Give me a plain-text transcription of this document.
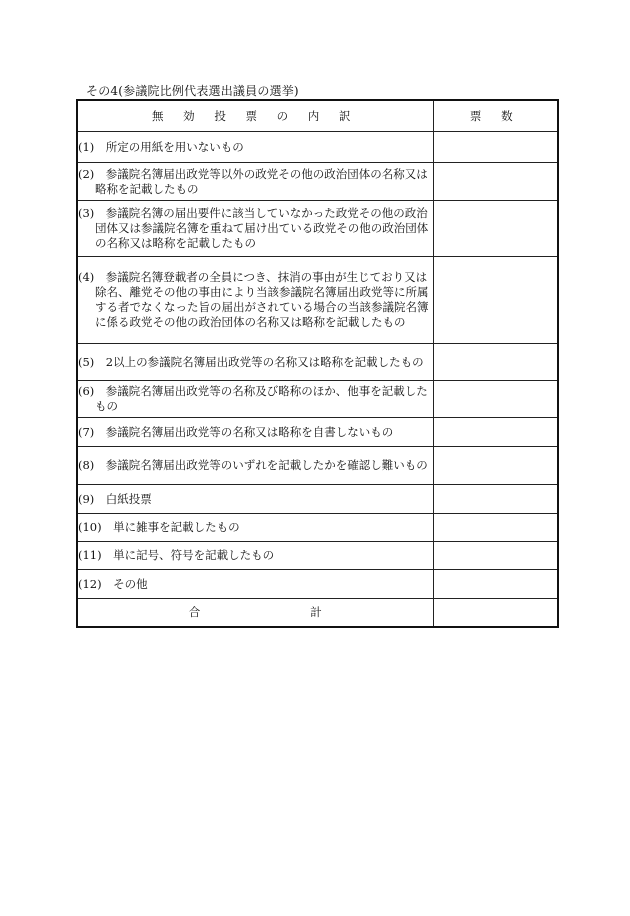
その4(参議院比例代表選出議員の選挙)
無 効 投 票 の 内 訳	票 数

(1)　所定の用紙を用いないもの	

(2)　参議院名簿届出政党等以外の政党その他の政治団体の名称又は略称を記載したもの	

(3)　参議院名簿の届出要件に該当していなかった政党その他の政治団体又は参議院名簿を重ねて届け出ている政党その他の政治団体の名称又は略称を記載したもの	

(4)　参議院名簿登載者の全員につき、抹消の事由が生じており又は除名、離党その他の事由により当該参議院名簿届出政党等に所属する者でなくなった旨の届出がされている場合の当該参議院名簿に係る政党その他の政治団体の名称又は略称を記載したもの	

(5)　2以上の参議院名簿届出政党等の名称又は略称を記載したもの	

(6)　参議院名簿届出政党等の名称及び略称のほか、他事を記載したもの	

(7)　参議院名簿届出政党等の名称又は略称を自書しないもの	

(8)　参議院名簿届出政党等のいずれを記載したかを確認し難いもの	

(9)　白紙投票	

(10)　単に雑事を記載したもの	

(11)　単に記号、符号を記載したもの	

(12)　その他	

合 計	
